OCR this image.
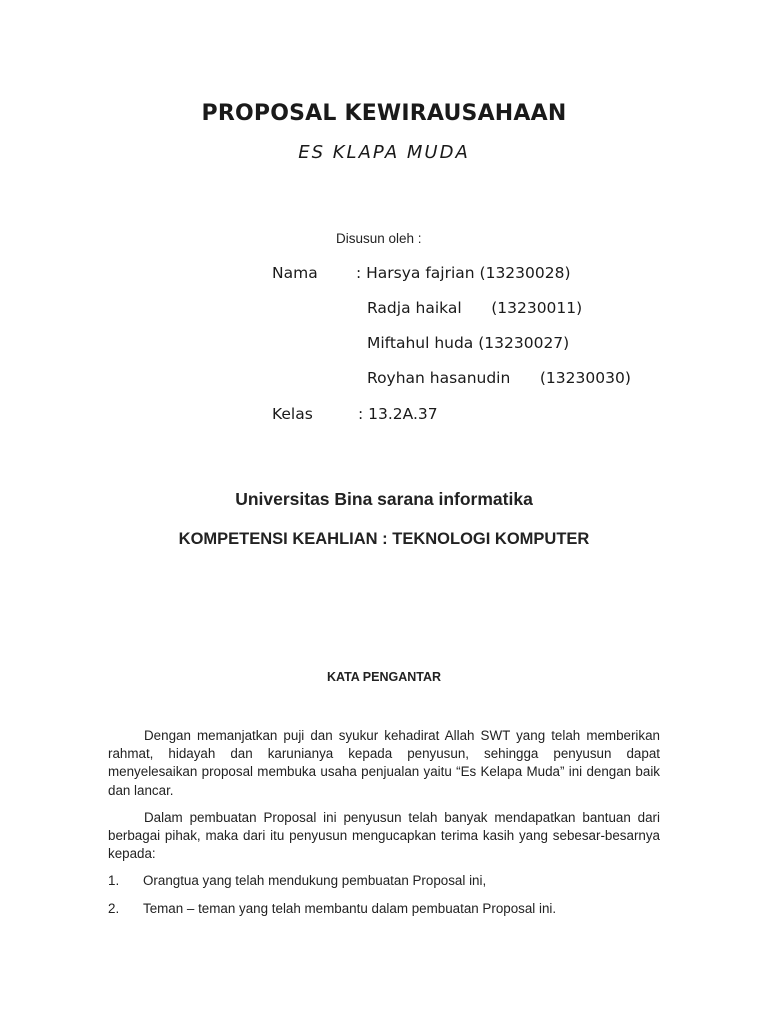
PROPOSAL KEWIRAUSAHAAN
ES KLAPA MUDA
Disusun oleh :
Nama : Harsya fajrian (13230028)
Radja haikal      (13230011)
Miftahul huda (13230027)
Royhan hasanudin      (13230030)
Kelas	: 13.2A.37
Universitas Bina sarana informatika
KOMPETENSI KEAHLIAN : TEKNOLOGI KOMPUTER
KATA PENGANTAR

Dengan memanjatkan puji dan syukur kehadirat Allah SWT yang telah memberikan rahmat, hidayah dan karunianya kepada penyusun, sehingga penyusun dapat menyelesaikan proposal membuka usaha penjualan yaitu “Es Kelapa Muda” ini dengan baik dan lancar.

Dalam pembuatan Proposal ini penyusun telah banyak mendapatkan bantuan dari berbagai pihak, maka dari itu penyusun mengucapkan terima kasih yang sebesar-besarnya kepada:

1. Orangtua yang telah mendukung pembuatan Proposal ini,
2. Teman – teman yang telah membantu dalam pembuatan Proposal ini.
